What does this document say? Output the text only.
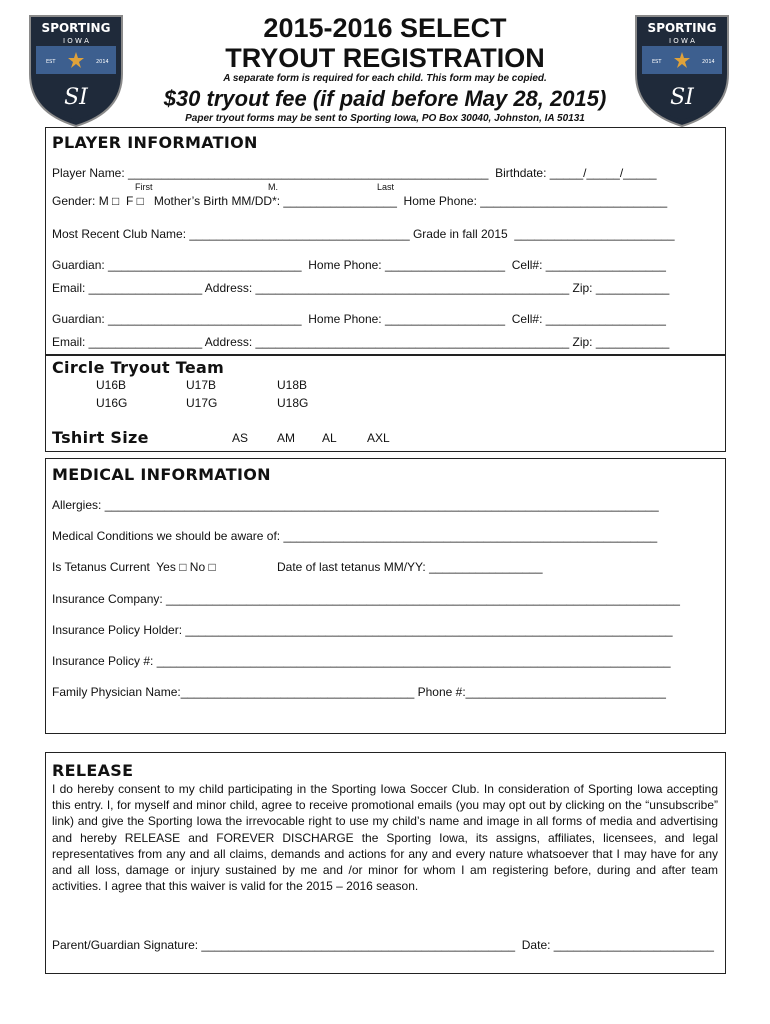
SPORTING
I O W A
EST	2014
SI
SPORTING
I O W A
EST	2014
SI
2015-2016 SELECT
TRYOUT REGISTRATION
A separate form is required for each child. This form may be copied.
$30 tryout fee (if paid before May 28, 2015)
Paper tryout forms may be sent to Sporting Iowa, PO Box 30040, Johnston, IA 50131
PLAYER INFORMATION
Player Name: ______________________________________________________  Birthdate: _____/_____/_____
First	M.	Last
Gender: M □  F □   Mother’s Birth MM/DD*: _________________  Home Phone: ____________________________
Most Recent Club Name: _________________________________ Grade in fall 2015  ________________________
Guardian: _____________________________  Home Phone: __________________  Cell#: __________________
Email: _________________ Address: _______________________________________________ Zip: ___________
Guardian: _____________________________  Home Phone: __________________  Cell#: __________________
Email: _________________ Address: _______________________________________________ Zip: ___________
Circle Tryout Team
U16B	U17B	U18B
U16G	U17G	U18G
Tshirt Size	AS AM AL	AXL
MEDICAL INFORMATION
Allergies: ___________________________________________________________________________________
Medical Conditions we should be aware of: ________________________________________________________
Is Tetanus Current  Yes □ No □	Date of last tetanus MM/YY: _________________
Insurance Company: _____________________________________________________________________________
Insurance Policy Holder: _________________________________________________________________________
Insurance Policy #: _____________________________________________________________________________
Family Physician Name:___________________________________ Phone #:______________________________
RELEASE
I do hereby consent to my child participating in the Sporting Iowa Soccer Club. In consideration of Sporting Iowa accepting this entry. I, for myself and minor child, agree to receive promotional emails (you may opt out by clicking on the “unsubscribe” link) and give the Sporting Iowa the irrevocable right to use my child’s name and image in all forms of media and advertising and hereby RELEASE and FOREVER DISCHARGE the Sporting Iowa, its assigns, affiliates, licensees, and legal representatives from any and all claims, demands and actions for any and every nature whatsoever that I may have for any and all loss, damage or injury sustained by me and /or minor for whom I am registering before, during and after team activities. I agree that this waiver is valid for the 2015 – 2016 season.
Parent/Guardian Signature: _______________________________________________  Date: ________________________
